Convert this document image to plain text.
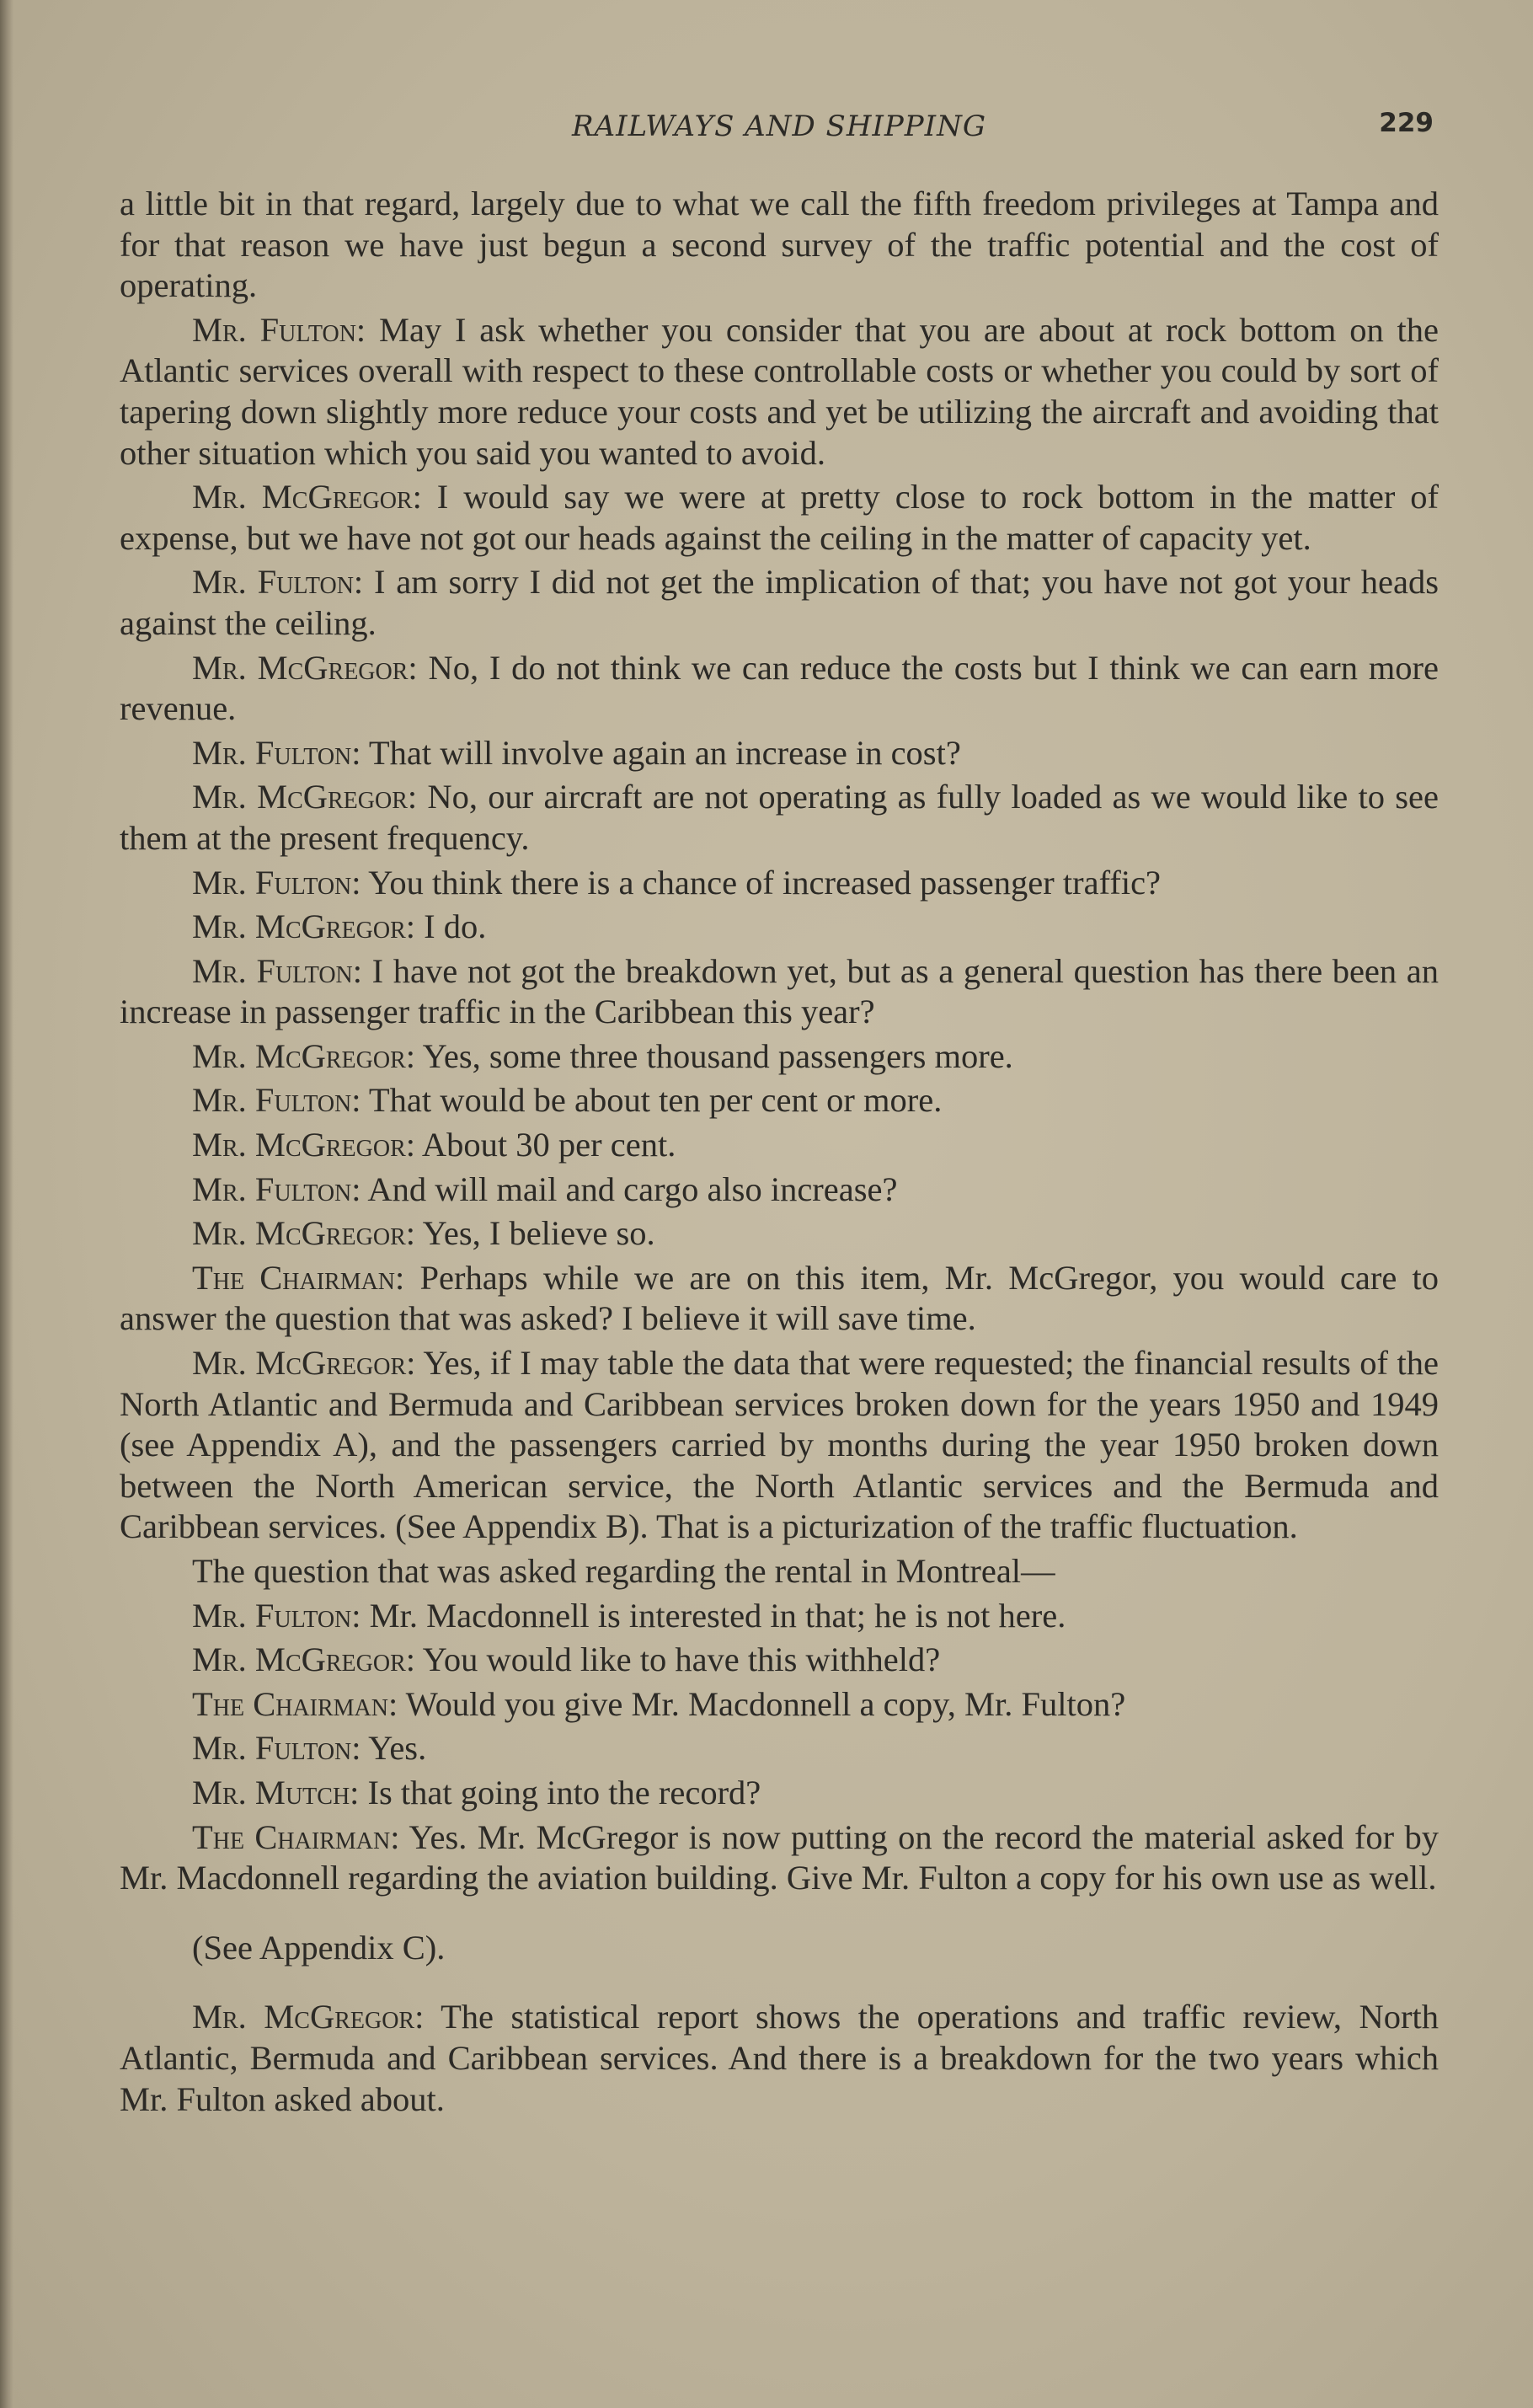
RAILWAYS AND SHIPPING	229

a little bit in that regard, largely due to what we call the fifth freedom privileges at Tampa and for that reason we have just begun a second survey of the traffic potential and the cost of operating.

Mr. Fulton: May I ask whether you consider that you are about at rock bottom on the Atlantic services overall with respect to these controllable costs or whether you could by sort of tapering down slightly more reduce your costs and yet be utilizing the aircraft and avoiding that other situation which you said you wanted to avoid.

Mr. McGregor: I would say we were at pretty close to rock bottom in the matter of expense, but we have not got our heads against the ceiling in the matter of capacity yet.

Mr. Fulton: I am sorry I did not get the implication of that; you have not got your heads against the ceiling.

Mr. McGregor: No, I do not think we can reduce the costs but I think we can earn more revenue.

Mr. Fulton: That will involve again an increase in cost?

Mr. McGregor: No, our aircraft are not operating as fully loaded as we would like to see them at the present frequency.

Mr. Fulton: You think there is a chance of increased passenger traffic?

Mr. McGregor: I do.

Mr. Fulton: I have not got the breakdown yet, but as a general question has there been an increase in passenger traffic in the Caribbean this year?

Mr. McGregor: Yes, some three thousand passengers more.

Mr. Fulton: That would be about ten per cent or more.

Mr. McGregor: About 30 per cent.

Mr. Fulton: And will mail and cargo also increase?

Mr. McGregor: Yes, I believe so.

The Chairman: Perhaps while we are on this item, Mr. McGregor, you would care to answer the question that was asked? I believe it will save time.

Mr. McGregor: Yes, if I may table the data that were requested; the financial results of the North Atlantic and Bermuda and Caribbean services broken down for the years 1950 and 1949 (see Appendix A), and the passengers carried by months during the year 1950 broken down between the North American service, the North Atlantic services and the Bermuda and Caribbean services. (See Appendix B). That is a picturization of the traffic fluctuation.

The question that was asked regarding the rental in Montreal—

Mr. Fulton: Mr. Macdonnell is interested in that; he is not here.

Mr. McGregor: You would like to have this withheld?

The Chairman: Would you give Mr. Macdonnell a copy, Mr. Fulton?

Mr. Fulton: Yes.

Mr. Mutch: Is that going into the record?

The Chairman: Yes. Mr. McGregor is now putting on the record the material asked for by Mr. Macdonnell regarding the aviation building. Give Mr. Fulton a copy for his own use as well.

(See Appendix C).

Mr. McGregor: The statistical report shows the operations and traffic review, North Atlantic, Bermuda and Caribbean services. And there is a breakdown for the two years which Mr. Fulton asked about.
